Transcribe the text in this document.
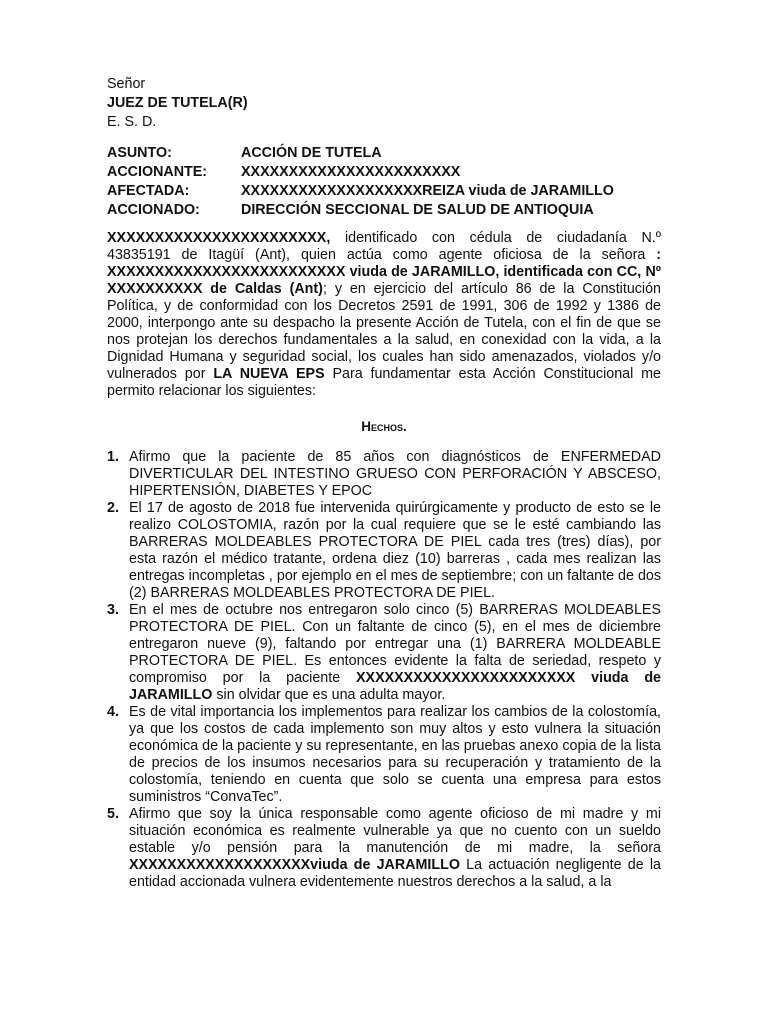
Señor
JUEZ DE TUTELA(R)
E. S. D.
ASUNTO:	ACCIÓN DE TUTELA
ACCIONANTE:	XXXXXXXXXXXXXXXXXXXXXXX
AFECTADA:	XXXXXXXXXXXXXXXXXXXREIZA viuda de JARAMILLO
ACCIONADO:	DIRECCIÓN SECCIONAL DE SALUD DE ANTIOQUIA

XXXXXXXXXXXXXXXXXXXXXXX, identificado con cédula de ciudadanía N.º 43835191 de Itagüí (Ant), quien actúa como agente oficiosa de la señora : XXXXXXXXXXXXXXXXXXXXXXXXX viuda de JARAMILLO, identificada con CC, Nº XXXXXXXXXX de Caldas (Ant); y en ejercicio del artículo 86 de la Constitución Política, y de conformidad con los Decretos 2591 de 1991, 306 de 1992 y 1386 de 2000, interpongo ante su despacho la presente Acción de Tutela, con el fin de que se nos protejan los derechos fundamentales a la salud, en conexidad con la vida, a la Dignidad Humana y seguridad social, los cuales han sido amenazados, violados y/o vulnerados por LA NUEVA EPS Para fundamentar esta Acción Constitucional me permito relacionar los siguientes:

Hechos.
1. Afirmo que la paciente de 85 años con diagnósticos de ENFERMEDAD DIVERTICULAR DEL INTESTINO GRUESO CON PERFORACIÓN Y ABSCESO, HIPERTENSIÓN, DIABETES Y EPOC
2. El 17 de agosto de 2018 fue intervenida quirúrgicamente y producto de esto se le realizo COLOSTOMIA, razón por la cual requiere que se le esté cambiando las BARRERAS MOLDEABLES PROTECTORA DE PIEL cada tres (tres) días), por esta razón el médico tratante, ordena diez (10) barreras , cada mes realizan las entregas incompletas , por ejemplo en el mes de septiembre; con un faltante de dos (2) BARRERAS MOLDEABLES PROTECTORA DE PIEL.
3. En el mes de octubre nos entregaron solo cinco (5) BARRERAS MOLDEABLES PROTECTORA DE PIEL. Con un faltante de cinco (5), en el mes de diciembre entregaron nueve (9), faltando por entregar una (1) BARRERA MOLDEABLE PROTECTORA DE PIEL. Es entonces evidente la falta de seriedad, respeto y compromiso por la paciente XXXXXXXXXXXXXXXXXXXXXXX viuda de JARAMILLO sin olvidar que es una adulta mayor.
4. Es de vital importancia los implementos para realizar los cambios de la colostomía, ya que los costos de cada implemento son muy altos y esto vulnera la situación económica de la paciente y su representante, en las pruebas anexo copia de la lista de precios de los insumos necesarios para su recuperación y tratamiento de la colostomía, teniendo en cuenta que solo se cuenta una empresa para estos suministros “ConvaTec”.
5. Afirmo que soy la única responsable como agente oficioso de mi madre y mi situación económica es realmente vulnerable ya que no cuento con un sueldo estable y/o pensión para la manutención de mi madre, la señora XXXXXXXXXXXXXXXXXXXviuda de JARAMILLO La actuación negligente de la entidad accionada vulnera evidentemente nuestros derechos a la salud, a la
